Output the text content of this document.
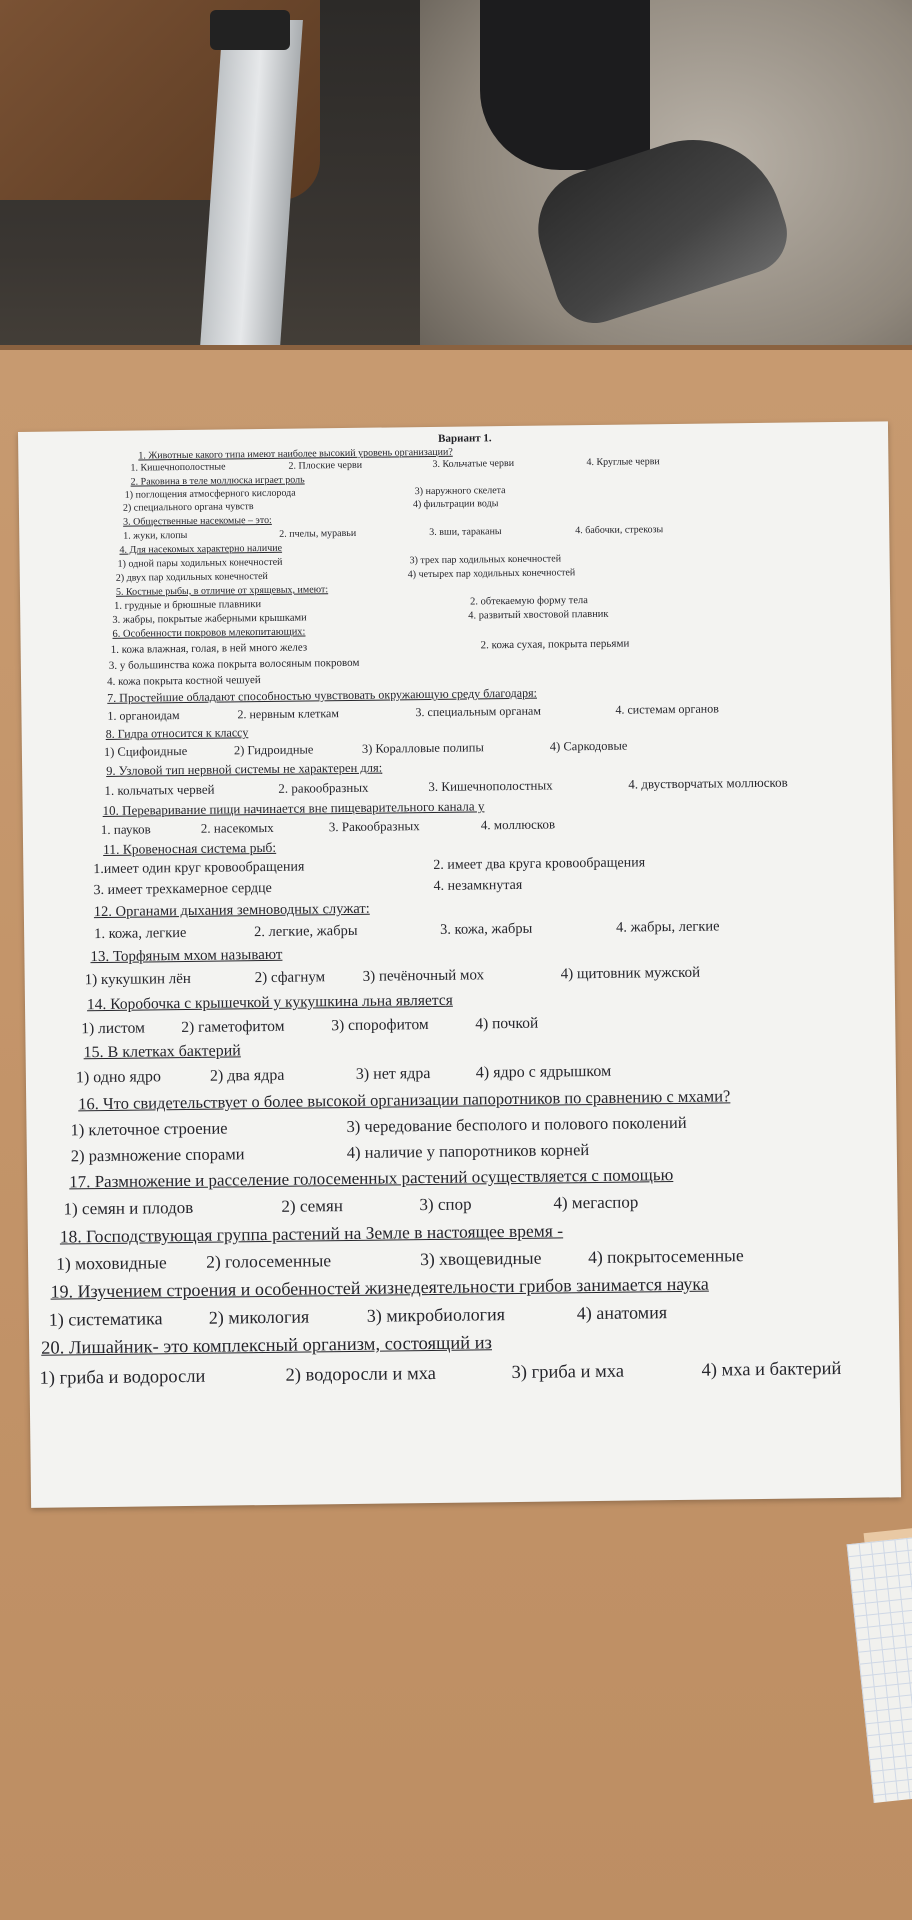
Вариант 1.
1. Животные какого типа имеют наиболее высокий уровень организации?
1. Кишечнополостные	2. Плоские черви	3. Кольчатые черви	4. Круглые черви
2. Раковина в теле моллюска играет роль
1) поглощения атмосферного кислорода	3) наружного скелета
2) специального органа чувств	4) фильтрации воды
3. Общественные насекомые – это:
1. жуки, клопы	2. пчелы, муравьи	3. вши, тараканы	4. бабочки, стрекозы
4. Для насекомых характерно наличие
1) одной пары ходильных конечностей	3) трех пар ходильных конечностей
2) двух пар ходильных конечностей	4) четырех пар ходильных конечностей
5. Костные рыбы, в отличие от хрящевых, имеют:
1. грудные и брюшные плавники	2. обтекаемую форму тела
3. жабры, покрытые жаберными крышками	4. развитый хвостовой плавник
6. Особенности покровов млекопитающих:
1. кожа влажная, голая, в ней много желез	2. кожа сухая, покрыта перьями
3. у большинства кожа покрыта волосяным покровом
4. кожа покрыта костной чешуей
7. Простейшие обладают способностью чувствовать окружающую среду благодаря:
1. органоидам	2. нервным клеткам	3. специальным органам	4. системам органов
8. Гидра относится к классу
1) Сцифоидные	2) Гидроидные	3) Коралловые полипы	4) Саркодовые
9. Узловой тип нервной системы не характерен для:
1. кольчатых червей	2. ракообразных	3. Кишечнополостных	4. двустворчатых моллюсков
10. Переваривание пищи начинается вне пищеварительного канала у
1. пауков	2. насекомых	3. Ракообразных	4. моллюсков
11. Кровеносная система рыб:
1.имеет один круг кровообращения	2. имеет два круга кровообращения
3. имеет трехкамерное сердце	4. незамкнутая
12. Органами дыхания земноводных служат:
1. кожа, легкие	2. легкие, жабры	3. кожа, жабры	4. жабры, легкие
13. Торфяным мхом называют
1) кукушкин лён	2) сфагнум 3) печёночный мох	4) щитовник мужской
14. Коробочка с крышечкой у кукушкина льна является
1) листом 2) гаметофитом	3) спорофитом	4) почкой
15. В клетках бактерий
1) одно ядро	2) два ядра	3) нет ядра	4) ядро с ядрышком
16. Что свидетельствует о более высокой организации папоротников по сравнению с мхами?
1) клеточное строение	3) чередование бесполого и полового поколений
2) размножение спорами	4) наличие у папоротников корней
17. Размножение и расселение голосеменных растений осуществляется с помощью
1) семян и плодов	2) семян	3) спор	4) мегаспор
18. Господствующая группа растений на Земле в настоящее время -
1) моховидные 2) голосеменные	3) хвощевидные	4) покрытосеменные
19. Изучением строения и особенностей жизнедеятельности грибов занимается наука
1) систематика	2) микология	3) микробиология	4) анатомия
20. Лишайник- это комплексный организм, состоящий из
1) гриба и водоросли	2) водоросли и мха	3) гриба и мха	4) мха и бактерий
